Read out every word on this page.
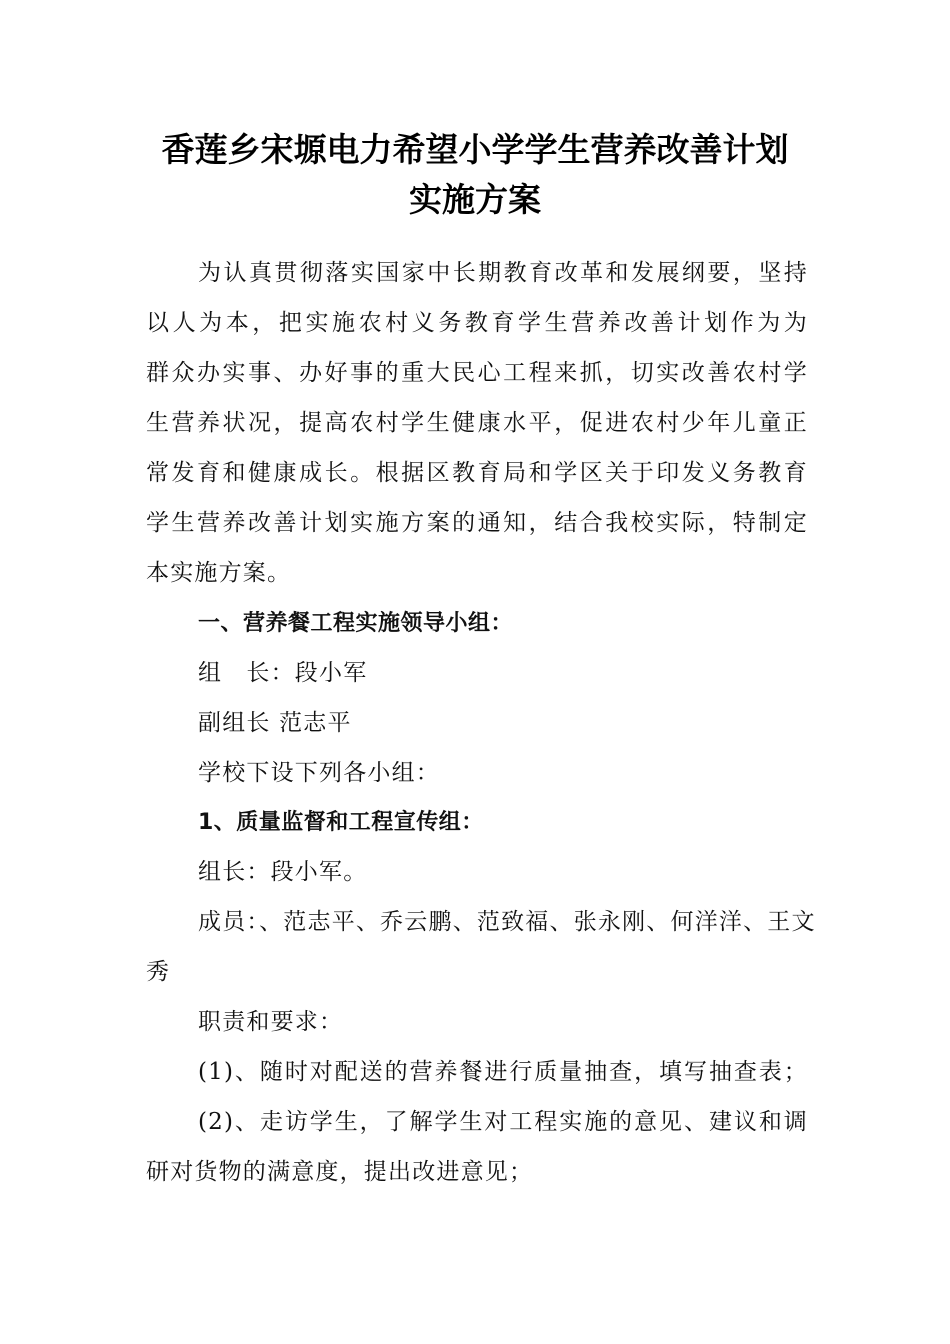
香莲乡宋塬电力希望小学学生营养改善计划
实施方案
为认真贯彻落实国家中长期教育改革和发展纲要，坚持
以人为本，把实施农村义务教育学生营养改善计划作为为
群众办实事、办好事的重大民心工程来抓，切实改善农村学
生营养状况，提高农村学生健康水平，促进农村少年儿童正
常发育和健康成长。根据区教育局和学区关于印发义务教育
学生营养改善计划实施方案的通知，结合我校实际，特制定
本实施方案。
一、营养餐工程实施领导小组：
组　长：段小军
副组长 范志平
学校下设下列各小组：
1、质量监督和工程宣传组：
组长：段小军。
成员：、范志平、乔云鹏、范致福、张永刚、何洋洋、王文
秀
职责和要求：
(1)、随时对配送的营养餐进行质量抽查，填写抽查表；
(2)、走访学生，了解学生对工程实施的意见、建议和调
研对货物的满意度，提出改进意见；
